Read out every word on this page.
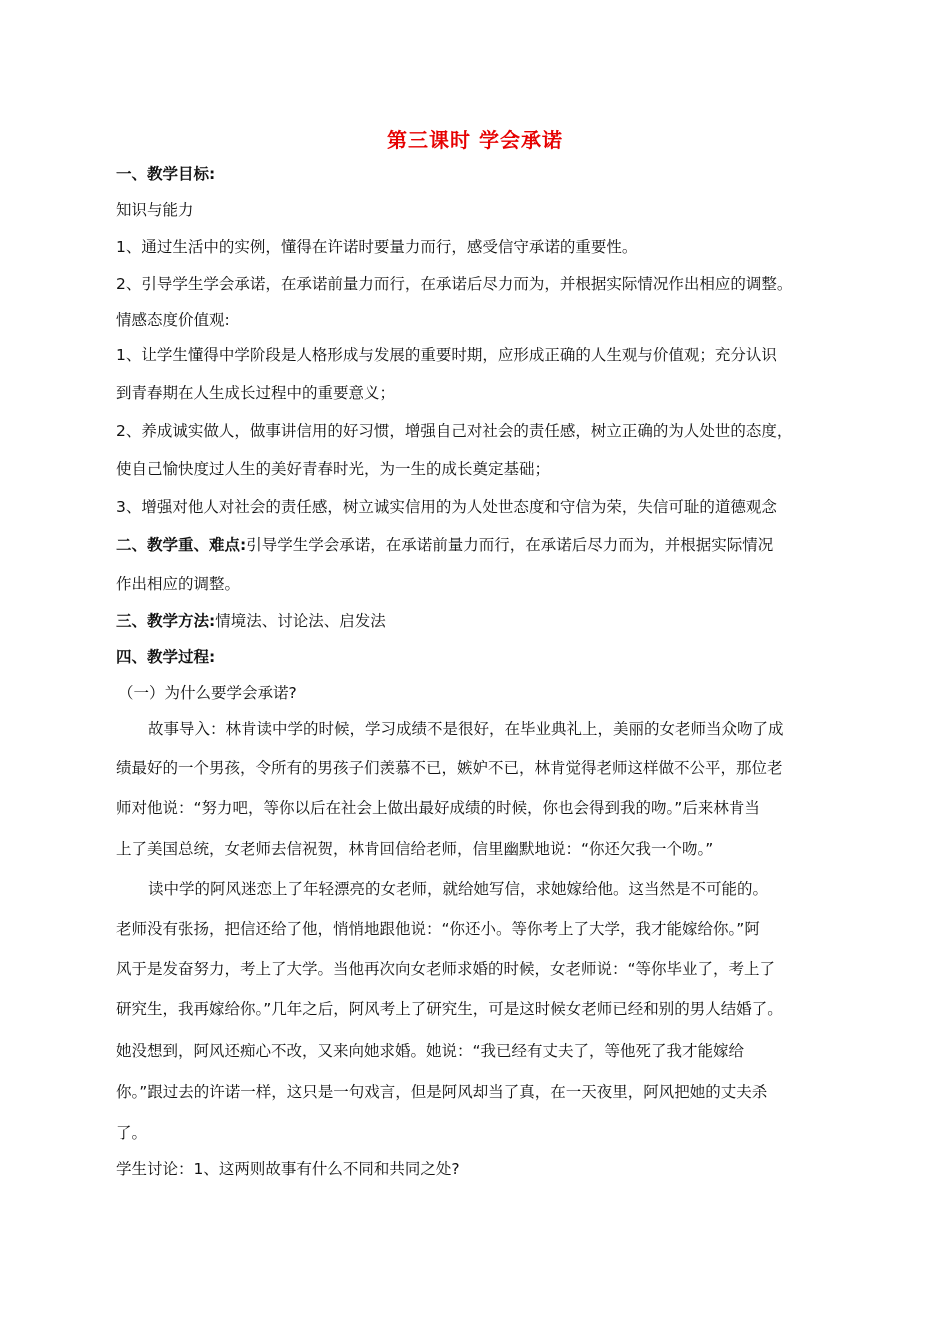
第三课时 学会承诺
一、教学目标:
知识与能力
1、通过生活中的实例，懂得在许诺时要量力而行，感受信守承诺的重要性。
2、引导学生学会承诺，在承诺前量力而行，在承诺后尽力而为，并根据实际情况作出相应的调整。
情感态度价值观:
1、让学生懂得中学阶段是人格形成与发展的重要时期，应形成正确的人生观与价值观；充分认识
到青春期在人生成长过程中的重要意义；
2、养成诚实做人，做事讲信用的好习惯，增强自己对社会的责任感，树立正确的为人处世的态度，
使自己愉快度过人生的美好青春时光，为一生的成长奠定基础；
3、增强对他人对社会的责任感，树立诚实信用的为人处世态度和守信为荣，失信可耻的道德观念
二、教学重、难点:引导学生学会承诺，在承诺前量力而行，在承诺后尽力而为，并根据实际情况
作出相应的调整。
三、教学方法:情境法、讨论法、启发法
四、教学过程:
（一）为什么要学会承诺?
故事导入：林肯读中学的时候，学习成绩不是很好，在毕业典礼上，美丽的女老师当众吻了成
绩最好的一个男孩，令所有的男孩子们羡慕不已，嫉妒不已，林肯觉得老师这样做不公平，那位老
师对他说：“努力吧，等你以后在社会上做出最好成绩的时候，你也会得到我的吻。”后来林肯当
上了美国总统，女老师去信祝贺，林肯回信给老师，信里幽默地说：“你还欠我一个吻。”
读中学的阿风迷恋上了年轻漂亮的女老师，就给她写信，求她嫁给他。这当然是不可能的。
老师没有张扬，把信还给了他，悄悄地跟他说：“你还小。等你考上了大学，我才能嫁给你。”阿
风于是发奋努力，考上了大学。当他再次向女老师求婚的时候，女老师说：“等你毕业了，考上了
研究生，我再嫁给你。”几年之后，阿风考上了研究生，可是这时候女老师已经和别的男人结婚了。
她没想到，阿风还痴心不改，又来向她求婚。她说：“我已经有丈夫了，等他死了我才能嫁给
你。”跟过去的许诺一样，这只是一句戏言，但是阿风却当了真，在一天夜里，阿风把她的丈夫杀
了。
学生讨论：1、这两则故事有什么不同和共同之处?
